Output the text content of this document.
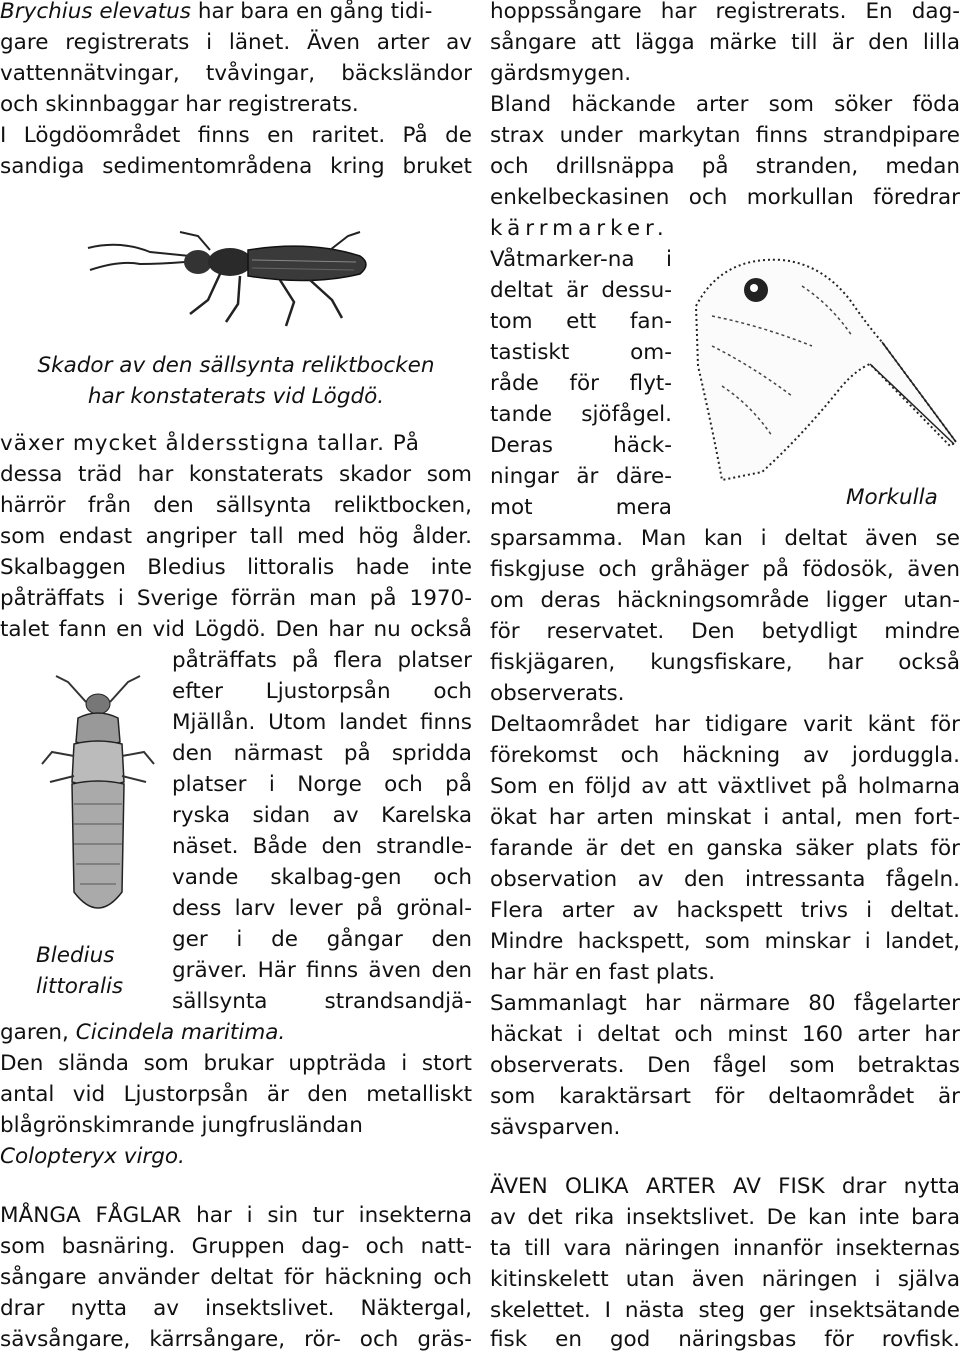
Brychius elevatus har bara en gång tidi-
gare registrerats i länet. Även arter av
vattennätvingar, tvåvingar, bäcksländor
och skinnbaggar har registrerats.
I Lögdöområdet finns en raritet. På de
sandiga sedimentområdena kring bruket
Skador av den sällsynta reliktbocken
har konstaterats vid Lögdö.
växer mycket åldersstigna tallar. På
dessa träd har konstaterats skador som
härrör från den sällsynta reliktbocken,
som endast angriper tall med hög ålder.
Skalbaggen Bledius littoralis hade inte
påträffats i Sverige förrän man på 1970-
talet fann en vid Lögdö. Den har nu också
Bledius
littoralis
påträffats på flera platser
efter Ljustorpsån och
Mjällån. Utom landet finns
den närmast på spridda
platser i Norge och på
ryska sidan av Karelska
näset. Både den strandle-
vande skalbag-gen och
dess larv lever på grönal-
ger i de gångar den
gräver. Här finns även den
sällsynta strandsandjä-
garen, Cicindela maritima.
Den slända som brukar uppträda i stort
antal vid Ljustorpsån är den metalliskt
blågrönskimrande jungfrusländan
Colopteryx virgo.
MÅNGA FÅGLAR har i sin tur insekterna
som basnäring. Gruppen dag- och natt-
sångare använder deltat för häckning och
drar nytta av insektslivet. Näktergal,
sävsångare, kärrsångare, rör- och gräs-
hoppssångare har registrerats. En dag-
sångare att lägga märke till är den lilla
gärdsmygen.
Bland häckande arter som söker föda
strax under markytan finns strandpipare
och drillsnäppa på stranden, medan
enkelbeckasinen och morkullan föredrar
kärrmarker.
Våtmarker-na i
deltat är dessu-
tom ett fan-
tastiskt om-
råde för flyt-
tande sjöfågel.
Deras häck-
ningar är däre-
mot mera	Morkulla
sparsamma. Man kan i deltat även se
fiskgjuse och gråhäger på födosök, även
om deras häckningsområde ligger utan-
för reservatet. Den betydligt mindre
fiskjägaren, kungsfiskare, har också
observerats.
Deltaområdet har tidigare varit känt för
förekomst och häckning av jorduggla.
Som en följd av att växtlivet på holmarna
ökat har arten minskat i antal, men fort-
farande är det en ganska säker plats för
observation av den intressanta fågeln.
Flera arter av hackspett trivs i deltat.
Mindre hackspett, som minskar i landet,
har här en fast plats.
Sammanlagt har närmare 80 fågelarter
häckat i deltat och minst 160 arter har
observerats. Den fågel som betraktas
som karaktärsart för deltaområdet är
sävsparven.
ÄVEN OLIKA ARTER AV FISK drar nytta
av det rika insektslivet. De kan inte bara
ta till vara näringen innanför insekternas
kitinskelett utan även näringen i själva
skelettet. I nästa steg ger insektsätande
fisk en god näringsbas för rovfisk.
